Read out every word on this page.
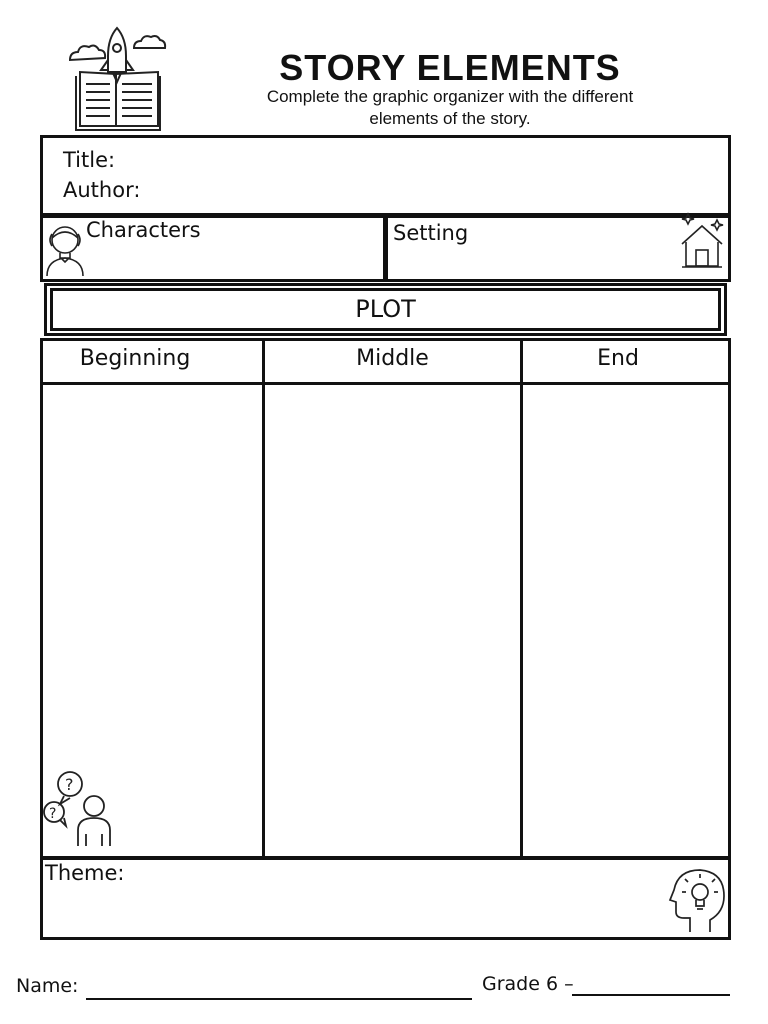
STORY ELEMENTS
Complete the graphic organizer with the different
elements of the story.
Title:
Author:
Characters	Setting
PLOT
Beginning	Middle	End
?
?
Theme:
Name:	Grade 6 –
